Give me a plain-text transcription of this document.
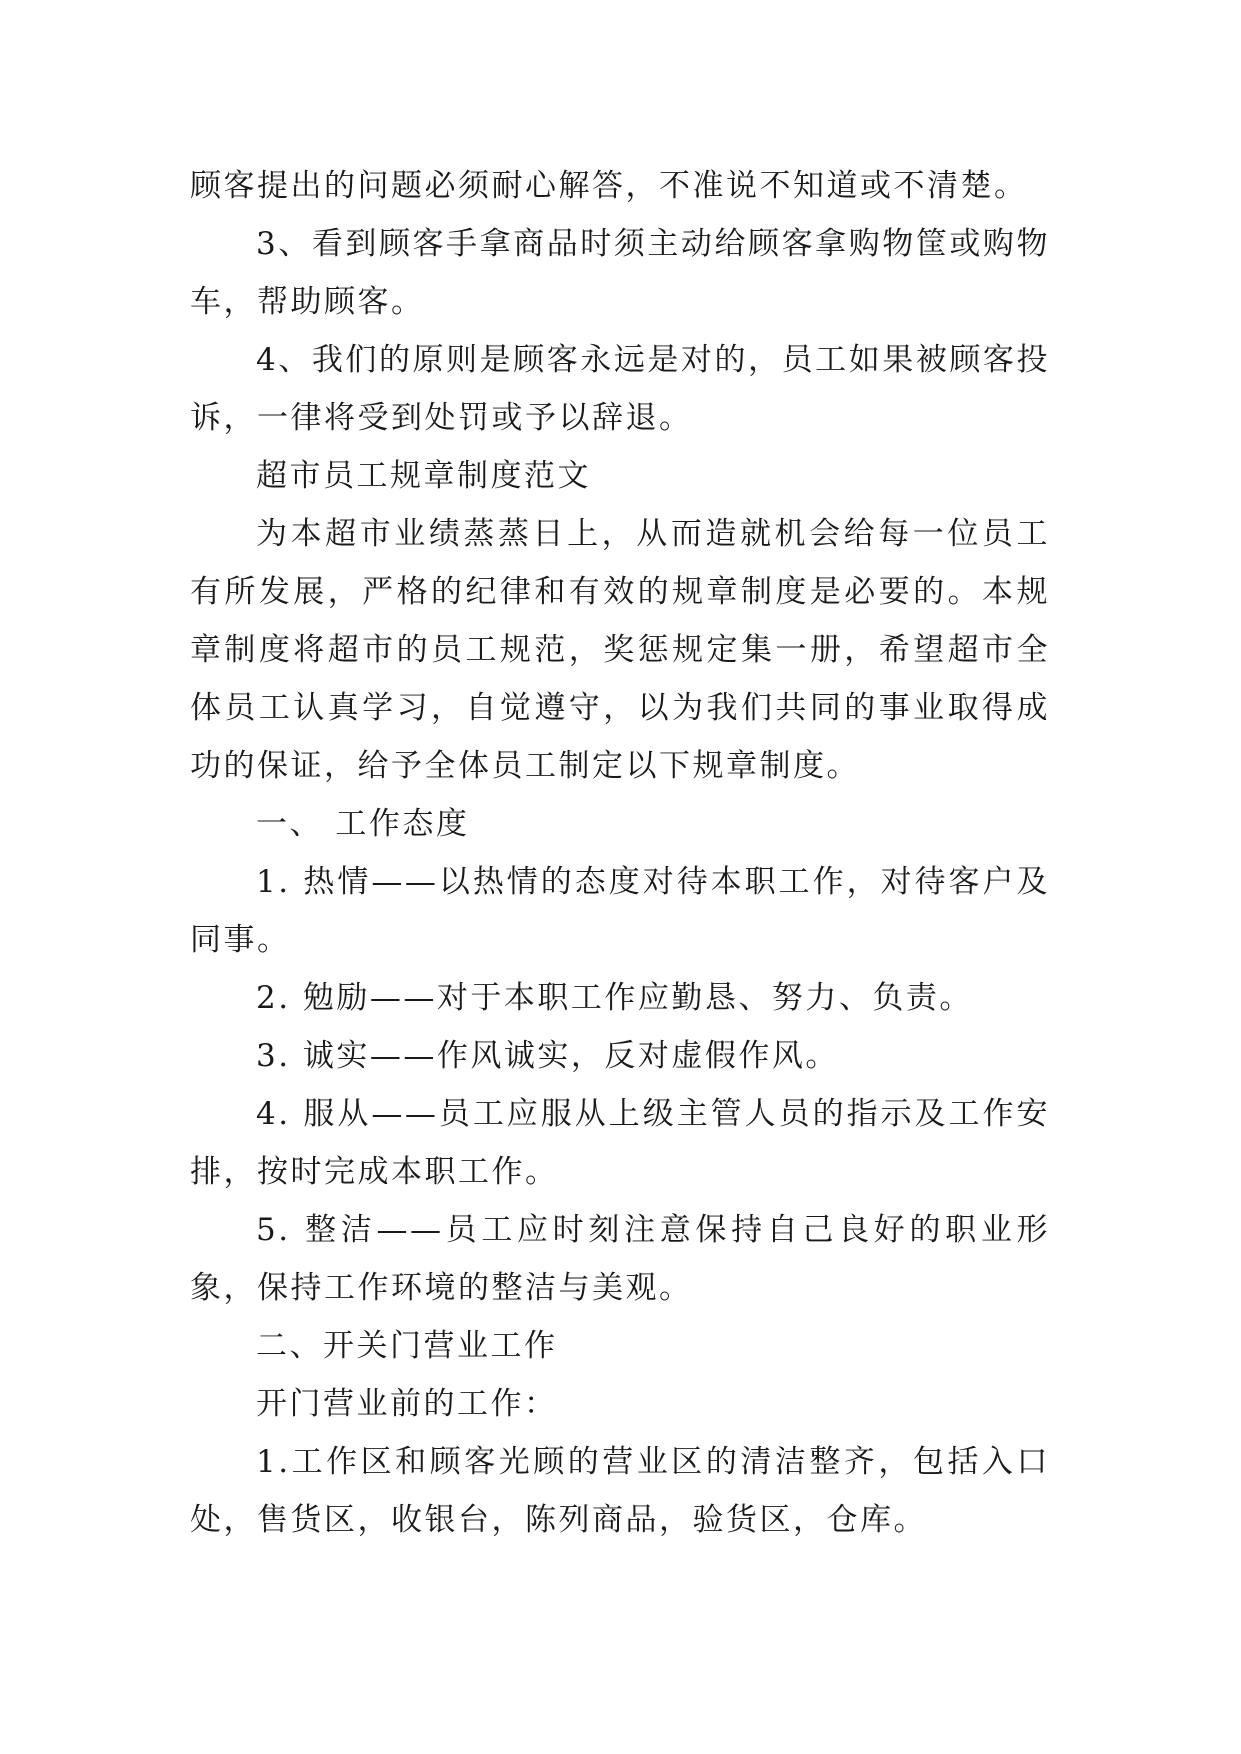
顾客提出的问题必须耐心解答，不准说不知道或不清楚。

3、看到顾客手拿商品时须主动给顾客拿购物筐或购物车，帮助顾客。

4、我们的原则是顾客永远是对的，员工如果被顾客投诉，一律将受到处罚或予以辞退。

超市员工规章制度范文

为本超市业绩蒸蒸日上，从而造就机会给每一位员工有所发展，严格的纪律和有效的规章制度是必要的。本规章制度将超市的员工规范，奖惩规定集一册，希望超市全体员工认真学习，自觉遵守，以为我们共同的事业取得成功的保证，给予全体员工制定以下规章制度。

一、 工作态度

1. 热情——以热情的态度对待本职工作，对待客户及同事。

2. 勉励——对于本职工作应勤恳、努力、负责。

3. 诚实——作风诚实，反对虚假作风。

4. 服从——员工应服从上级主管人员的指示及工作安排，按时完成本职工作。

5. 整洁——员工应时刻注意保持自己良好的职业形象，保持工作环境的整洁与美观。

二、开关门营业工作

开门营业前的工作：

1.工作区和顾客光顾的营业区的清洁整齐，包括入口处，售货区，收银台，陈列商品，验货区，仓库。
